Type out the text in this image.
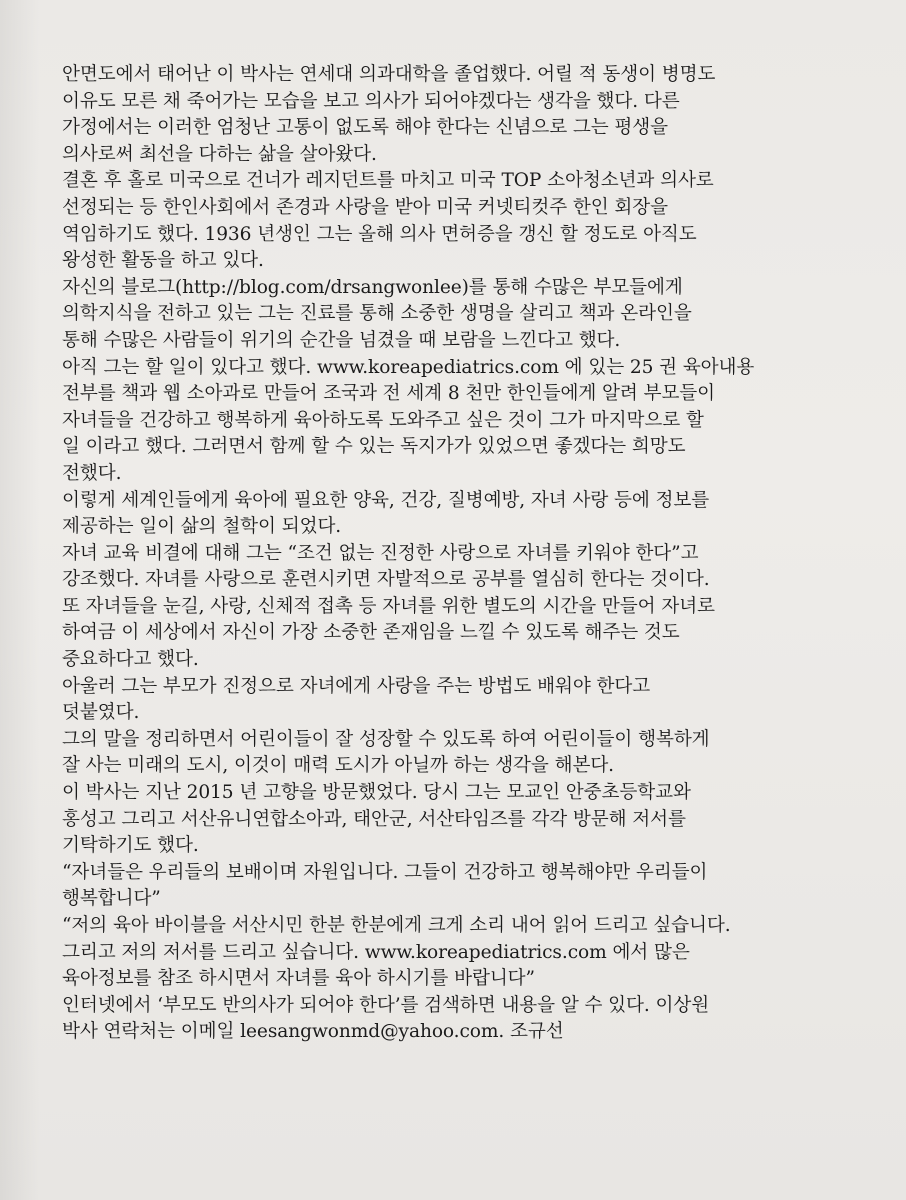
안면도에서 태어난 이 박사는 연세대 의과대학을 졸업했다. 어릴 적 동생이 병명도
이유도 모른 채 죽어가는 모습을 보고 의사가 되어야겠다는 생각을 했다. 다른
가정에서는 이러한 엄청난 고통이 없도록 해야 한다는 신념으로 그는 평생을
의사로써 최선을 다하는 삶을 살아왔다.
결혼 후 홀로 미국으로 건너가 레지던트를 마치고 미국 TOP 소아청소년과 의사로
선정되는 등 한인사회에서 존경과 사랑을 받아 미국 커넷티컷주 한인 회장을
역임하기도 했다. 1936 년생인 그는 올해 의사 면허증을 갱신 할 정도로 아직도
왕성한 활동을 하고 있다.
자신의 블로그(http://blog.com/drsangwonlee)를 통해 수많은 부모들에게
의학지식을 전하고 있는 그는 진료를 통해 소중한 생명을 살리고 책과 온라인을
통해 수많은 사람들이 위기의 순간을 넘겼을 때 보람을 느낀다고 했다.
아직 그는 할 일이 있다고 했다. www.koreapediatrics.com 에 있는 25 권 육아내용
전부를 책과 웹 소아과로 만들어 조국과 전 세계 8 천만 한인들에게 알려 부모들이
자녀들을 건강하고 행복하게 육아하도록 도와주고 싶은 것이 그가 마지막으로 할
일 이라고 했다. 그러면서 함께 할 수 있는 독지가가 있었으면 좋겠다는 희망도
전했다.
이렇게 세계인들에게 육아에 필요한 양육, 건강, 질병예방, 자녀 사랑 등에 정보를
제공하는 일이 삶의 철학이 되었다.
자녀 교육 비결에 대해 그는 “조건 없는 진정한 사랑으로 자녀를 키워야 한다”고
강조했다. 자녀를 사랑으로 훈련시키면 자발적으로 공부를 열심히 한다는 것이다.
또 자녀들을 눈길, 사랑, 신체적 접촉 등 자녀를 위한 별도의 시간을 만들어 자녀로
하여금 이 세상에서 자신이 가장 소중한 존재임을 느낄 수 있도록 해주는 것도
중요하다고 했다.
아울러 그는 부모가 진정으로 자녀에게 사랑을 주는 방법도 배워야 한다고
덧붙였다.
그의 말을 정리하면서 어린이들이 잘 성장할 수 있도록 하여 어린이들이 행복하게
잘 사는 미래의 도시, 이것이 매력 도시가 아닐까 하는 생각을 해본다.
이 박사는 지난 2015 년 고향을 방문했었다. 당시 그는 모교인 안중초등학교와
홍성고 그리고 서산유니연합소아과, 태안군, 서산타임즈를 각각 방문해 저서를
기탁하기도 했다.
“자녀들은 우리들의 보배이며 자원입니다. 그들이 건강하고 행복해야만 우리들이
행복합니다”
“저의 육아 바이블을 서산시민 한분 한분에게 크게 소리 내어 읽어 드리고 싶습니다.
그리고 저의 저서를 드리고 싶습니다. www.koreapediatrics.com 에서 많은
육아정보를 참조 하시면서 자녀를 육아 하시기를 바랍니다”
인터넷에서 ‘부모도 반의사가 되어야 한다’를 검색하면 내용을 알 수 있다. 이상원
박사 연락처는 이메일 leesangwonmd@yahoo.com. 조규선
